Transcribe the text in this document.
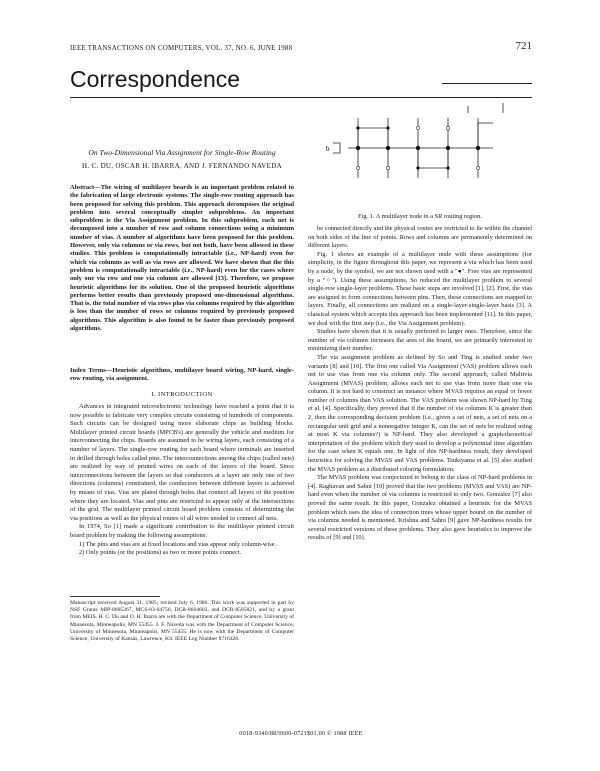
IEEE TRANSACTIONS ON COMPUTERS, VOL. 37, NO. 6, JUNE 1988	721
Correspondence
On Two-Dimensional Via Assignment for Single-Row Routing
H. C. DU, OSCAR H. IBARRA, AND J. FERNANDO NAVEDA
Abstract—The wiring of multilayer boards is an important problem related to the fabrication of large electronic systems. The single-row routing approach has been proposed for solving this problem. This approach decomposes the original problem into several conceptually simpler subproblems. An important subproblem is the Via Assignment problem. In this subproblem, each net is decomposed into a number of row and column connections using a minimum number of vias. A number of algorithms have been proposed for this problem. However, only via columns or via rows, but not both, have been allowed in these studies. This problem is computationally intractable (i.e., NP-hard) even for which via columns as well as via rows are allowed. We have shown that the this problem is computationally intractable (i.e., NP-hard) even for the cases where only one via row and one via column are allowed [13]. Therefore, we propose heuristic algorithms for its solution. One of the proposed heuristic algorithms performs better results than previously proposed one-dimensional algorithms. That is, the total number of via rows plus via columns required by this algorithm is less than the number of rows or columns required by previously proposed algorithms. This algorithm is also found to be faster than previously proposed algorithms.
Index Terms—Heuristic algorithms, multilayer board wiring, NP-hard, single-row routing, via assignment.
I. INTRODUCTION

Advances in integrated microelectronic technology have reached a point that it is now possible to fabricate very complex circuits consisting of hundreds of components. Such circuits can be designed using more elaborate chips as building blocks. Multilayer printed circuit boards (MPCB's) are generally the vehicle and medium for interconnecting the chips. Boards are assumed to be wiring layers, each consisting of a number of layers. The single-row routing for each board where terminals are inserted in drilled through holes called pins. The interconnections among the chips (called nets) are realized by way of printed wires on each of the layers of the board. Since interconnections between the layers so that conductors at a layer are only one of two directions (columns) constrained, the conductors between different layers is achieved by means of vias. Vias are plated through holes that connect all layers of the position where they are located. Vias and pins are restricted to appear only at the intersections of the grid. The multilayer printed circuit board problem consists of determining the via positions as well as the physical routes of all wires needed to connect all nets.

In 1974, So [1] made a significant contribution to the multilayer printed circuit board problem by making the following assumptions:

1) The pins and vias are at fixed locations and vias appear only column-wise.

2) Only points (or the positions) as two or more points connect.

Manuscript received August 31, 1985; revised July 6, 1986. This work was supported in part by NSF Grants MIP-8605267, MCS-83-04756, DCR-8604603, and DCR-8505821, and by a grant from MEIS. H. C. Du and O. H. Ibarra are with the Department of Computer Science, University of Minnesota, Minneapolis, MN 55455. J. F. Naveda was with the Department of Computer Science, University of Minnesota, Minneapolis, MN 55455. He is now with the Department of Computer Science, University of Kansas, Lawrence, KS. IEEE Log Number 8716426.
b
Fig. 1. A multilayer node in a SR routing region.

be connected directly and the physical routes are restricted to lie within the channel on both sides of the line of points. Rows and columns are permanently determined on different layers.

Fig. 1 shows an example of a multilayer node with these assumptions (for simplicity, in the figure throughout this paper, we represent a via which has been used by a node, by the symbol, we are not shown used with a "●". Free vias are represented by a "○"). Using these assumptions, So reduced the multilayer problem to several single-row single-layer problems. These basic steps are involved [1], [2]. First, the vias are assigned to form connections between pins. Then, these connections are mapped to layers. Finally, all connections are realized on a single-layer-single-layer basis [3]. A classical system which accepts this approach has been implemented [11]. In this paper, we deal with the first step (i.e., the Via Assignment problem).

Studies have shown that it is usually preferred to larger ones. Therefore, since the number of via columns increases the area of the board, we are primarily interested in minimizing their number.

The via assignment problem as defined by So and Ting is studied under two variants [8] and [10]. The first one called Via Assignment (VAS) problem allows each net to use vias from one via column only. The second approach, called Multivia Assignment (MVAS) problem, allows each net to use vias from more than one via column. It is not hard to construct an instance where MVAS requires an equal or fewer number of columns than VAS solution. The VAS problem was shown NP-hard by Ting et al. [4]. Specifically, they proved that if the number of via columns K is greater than 2, then the corresponding decision problem (i.e., given a set of nets, a set of nets on a rectangular unit grid and a nonnegative integer K, can the set of nets be realized using at most K via columns?) is NP-hard. They also developed a graph-theoretical interpretation of the problem which they used to develop a polynomial time algorithm for the case when K equals one. In light of this NP-hardness result, they developed heuristics for solving the MVAS and VAS problems. Tsukiyama et al. [5] also studied the MVAS problem as a distributed coloring formulation.

The MVAS problem was conjectured to belong to the class of NP-hard problems in [4]. Raghavan and Sahni [10] proved that the two problems (MVAS and VAS) are NP-hard even when the number of via columns is restricted to only two. Gonzalez [7] also proved the same result. In this paper, Gonzalez obtained a heuristic for the MVAS problem which uses the idea of connection trees whose upper bound on the number of via columns needed is mentioned. Krishna and Sahni [9] gave NP-hardness results for several restricted versions of these problems. They also gave heuristics to improve the results of [9] and [10].

0018-9340/88/0600-0721$01.00 © 1988 IEEE
